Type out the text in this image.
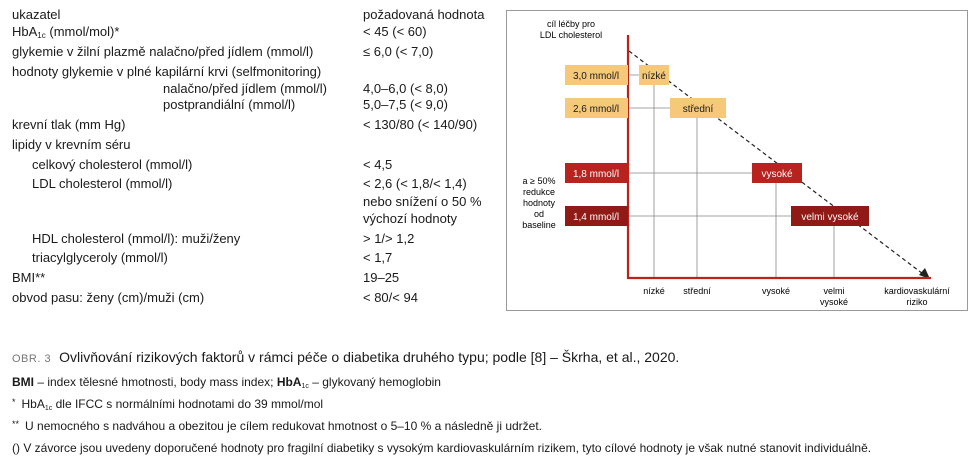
ukazatel	požadovaná hodnota
HbA$_{1c}$ (mmol/mol)*	< 45 (< 60)
glykemie v žilní plazmě nalačno/před jídlem (mmol/l)	≤ 6,0 (< 7,0)
hodnoty glykemie v plné kapilární krvi (selfmonitoring)
nalačno/před jídlem (mmol/l)	4,0–6,0 (< 8,0)
postprandiální (mmol/l)	5,0–7,5 (< 9,0)
krevní tlak (mm Hg)	< 130/80 (< 140/90)
lipidy v krevním séru
celkový cholesterol (mmol/l)	< 4,5
LDL cholesterol (mmol/l)	< 2,6 (< 1,8/< 1,4)
nebo snížení o 50 %
výchozí hodnoty
HDL cholesterol (mmol/l): muži/ženy	> 1/> 1,2
triacylglyceroly (mmol/l)	< 1,7
BMI**	19–25
obvod pasu: ženy (cm)/muži (cm)	< 80/< 94
cíl léčby pro
LDL cholesterol
3,0 mmol/l
2,6 mmol/l
1,8 mmol/l
1,4 mmol/l
nízké
střední
vysoké
velmi vysoké
a ≥ 50%
redukce
hodnoty
od
baseline
nízké střední	vysoké	velmi
vysoké
kardiovaskulární
riziko
OBR. 3 Ovlivňování rizikových faktorů v rámci péče o diabetika druhého typu; podle [8] – Škrha, et al., 2020.
BMI – index tělesné hmotnosti, body mass index; HbA$_{1c}$ – glykovaný hemoglobin
* HbA$_{1c}$ dle IFCC s normálními hodnotami do 39 mmol/mol
** U nemocného s nadváhou a obezitou je cílem redukovat hmotnost o 5–10 % a následně ji udržet.
() V závorce jsou uvedeny doporučené hodnoty pro fragilní diabetiky s vysokým kardiovaskulárním rizikem, tyto cílové hodnoty je však nutné stanovit individuálně.
